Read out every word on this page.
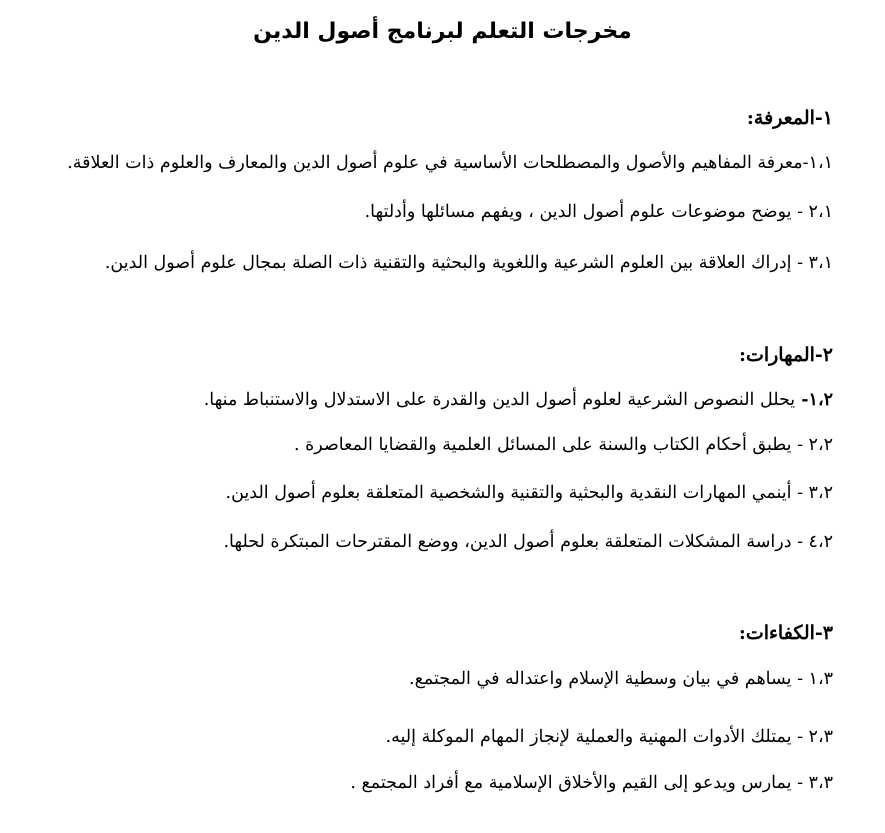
مخرجات التعلم لبرنامج أصول الدين
١-المعرفة:

١،١-معرفة المفاهيم والأصول والمصطلحات الأساسية في علوم أصول الدين والمعارف والعلوم ذات العلاقة.

٢،١ - يوضح موضوعات علوم أصول الدين ، ويفهم مسائلها وأدلتها.

٣،١ - إدراك العلاقة بين العلوم الشرعية واللغوية والبحثية والتقنية ذات الصلة بمجال علوم أصول الدين.

٢-المهارات:

١،٢- يحلل النصوص الشرعية لعلوم أصول الدين والقدرة على الاستدلال والاستنباط منها.

٢،٢ - يطبق أحكام الكتاب والسنة على المسائل العلمية والقضايا المعاصرة .

٣،٢ - أينمي المهارات النقدية والبحثية والتقنية والشخصية المتعلقة بعلوم أصول الدين.

٤،٢ - دراسة المشكلات المتعلقة بعلوم أصول الدين، ووضع المقترحات المبتكرة لحلها.

٣-الكفاءات:

١،٣ - يساهم في بيان وسطية الإسلام واعتداله في المجتمع.

٢،٣ - يمتلك الأدوات المهنية والعملية لإنجاز المهام الموكلة إليه.

٣،٣ - يمارس ويدعو إلى القيم والأخلاق الإسلامية مع أفراد المجتمع .
